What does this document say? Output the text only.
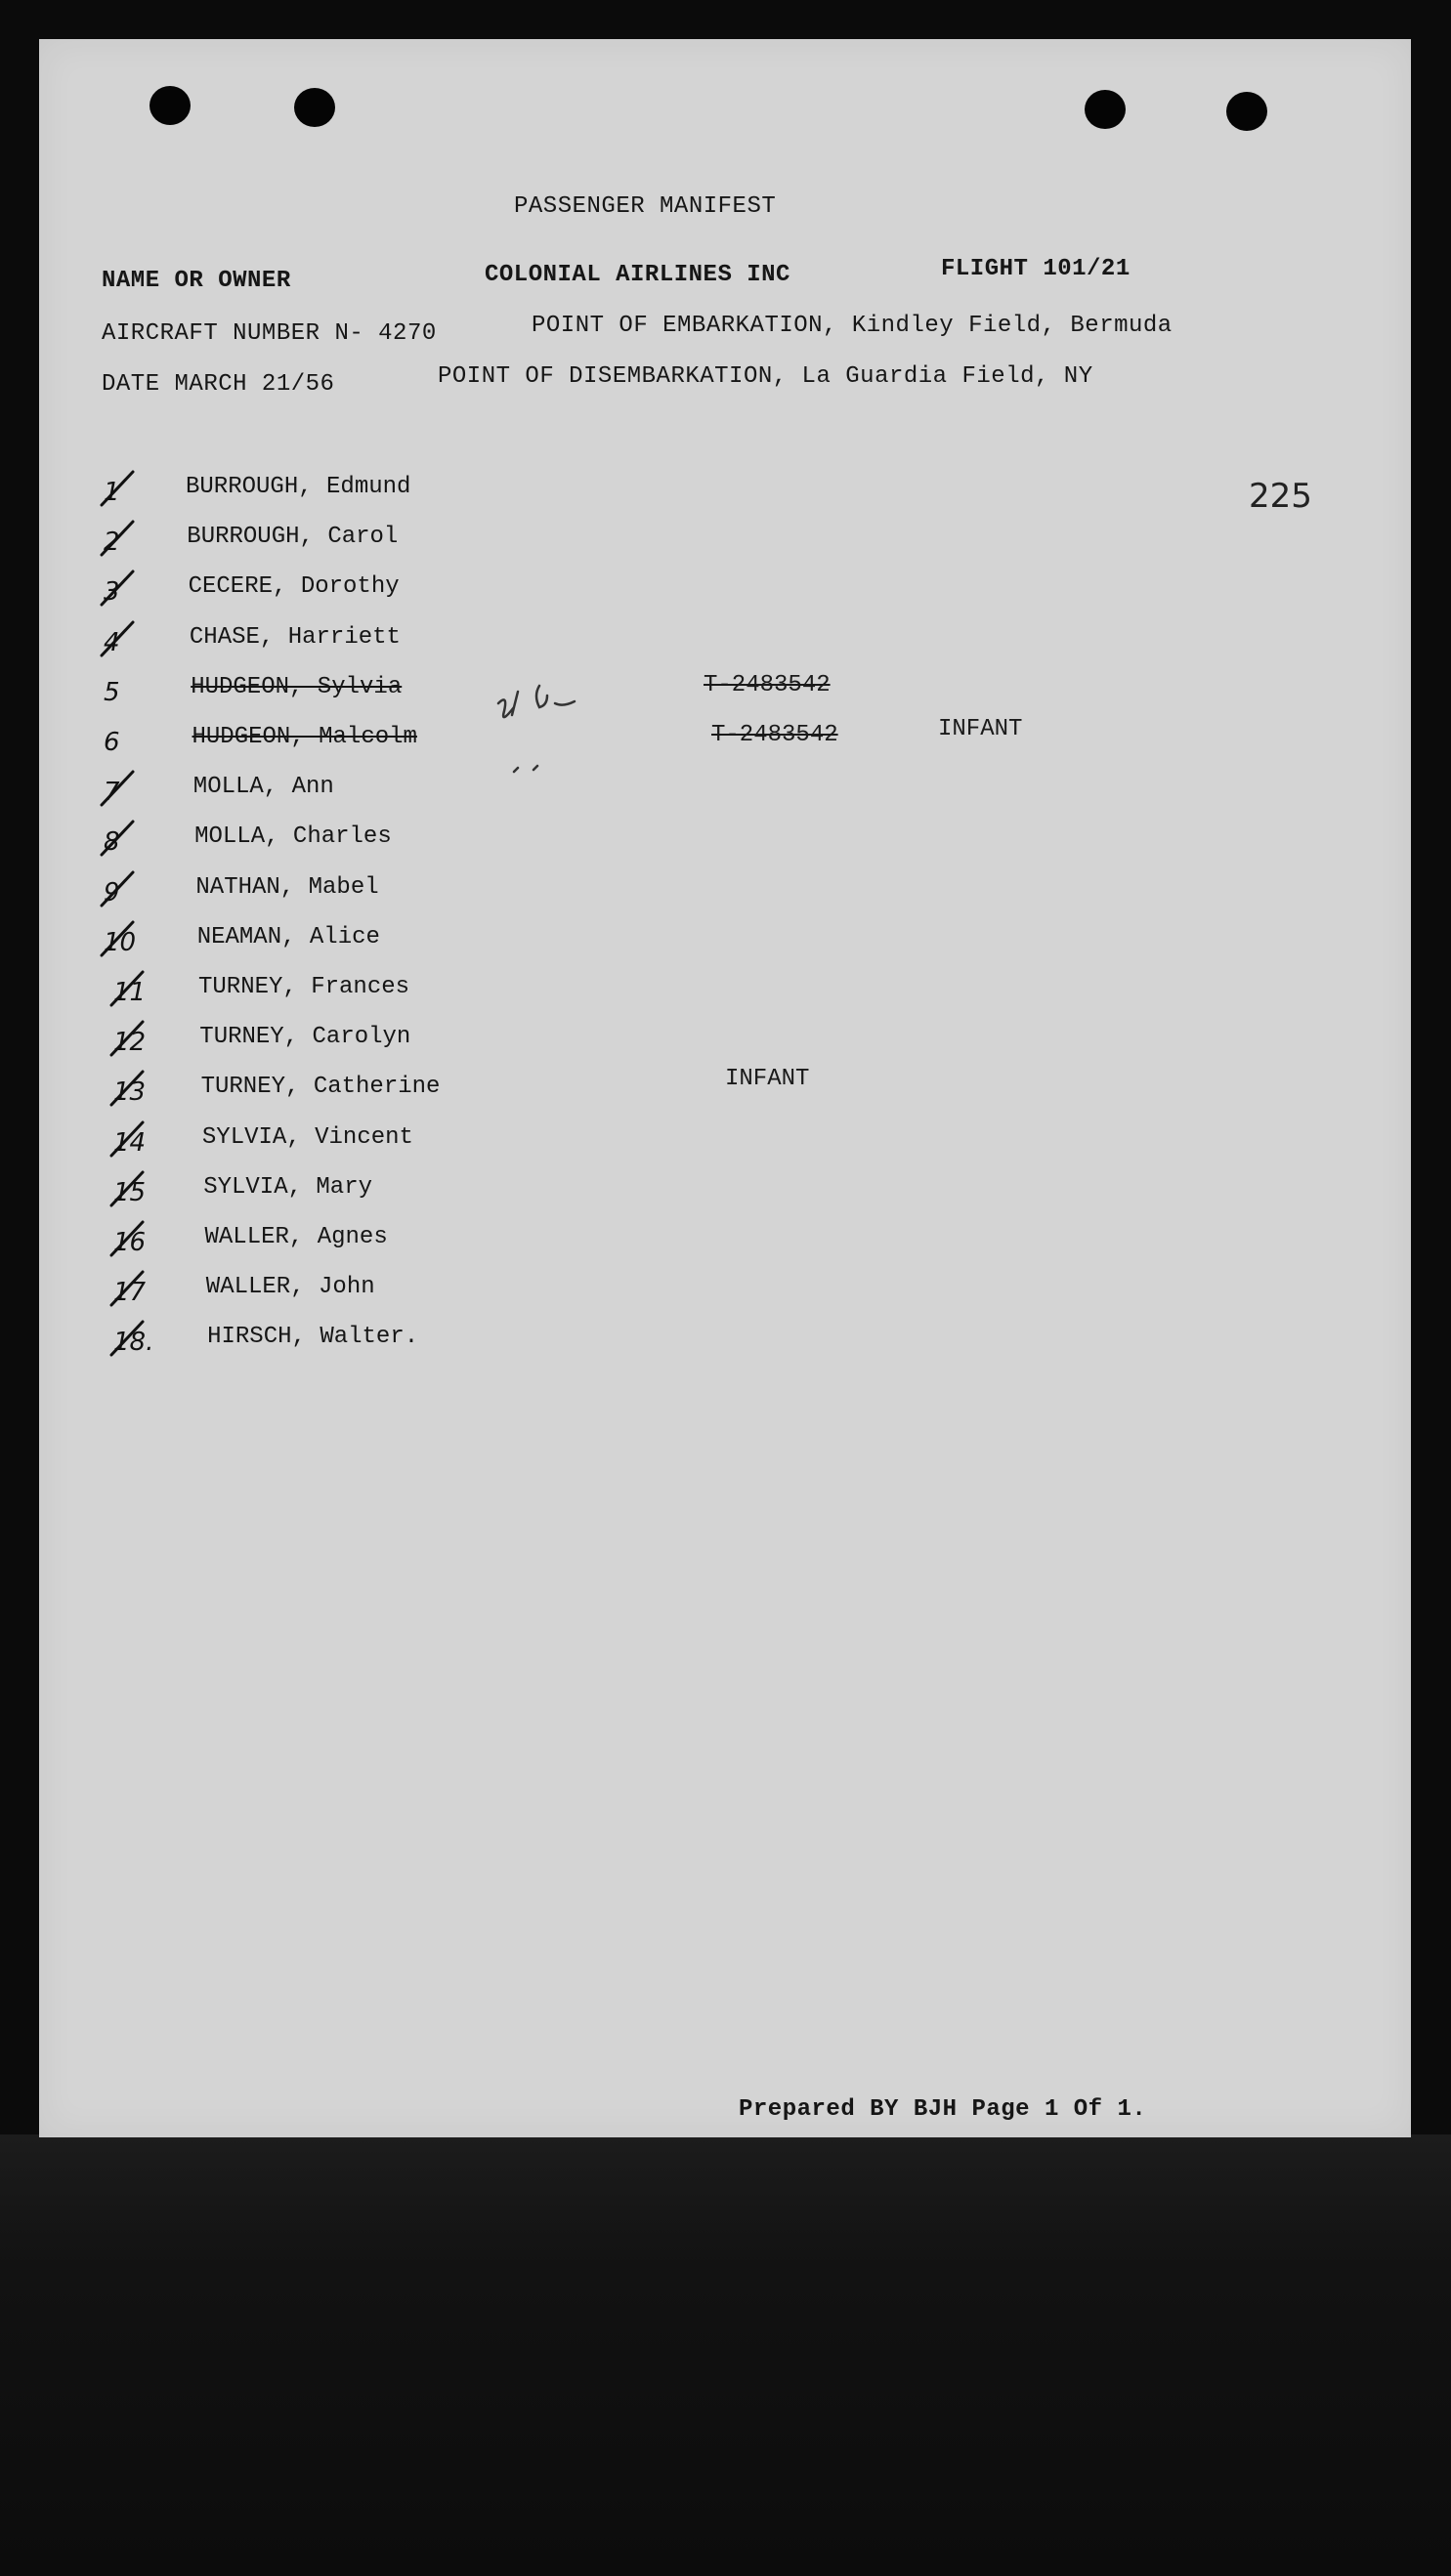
PASSENGER MANIFEST
NAME OR OWNER	COLONIAL AIRLINES INC	FLIGHT 101/21
AIRCRAFT NUMBER N- 4270	POINT OF EMBARKATION, Kindley Field, Bermuda
DATE MARCH 21/56	POINT OF DISEMBARKATION, La Guardia Field, NY
225
1	BURROUGH, Edmund
2	BURROUGH, Carol
3	CECERE, Dorothy
4	CHASE, Harriett
5	HUDGEON, Sylvia	T-2483542
6	HUDGEON, Malcolm	T-2483542	INFANT
7	MOLLA, Ann
8	MOLLA, Charles
9	NATHAN, Mabel
10	NEAMAN, Alice
11 TURNEY, Frances
12 TURNEY, Carolyn
13 TURNEY, Catherine	INFANT
14 SYLVIA, Vincent
15 SYLVIA, Mary
16	WALLER, Agnes
17	WALLER, John
18. HIRSCH, Walter.
Prepared BY BJH Page 1 Of 1.
